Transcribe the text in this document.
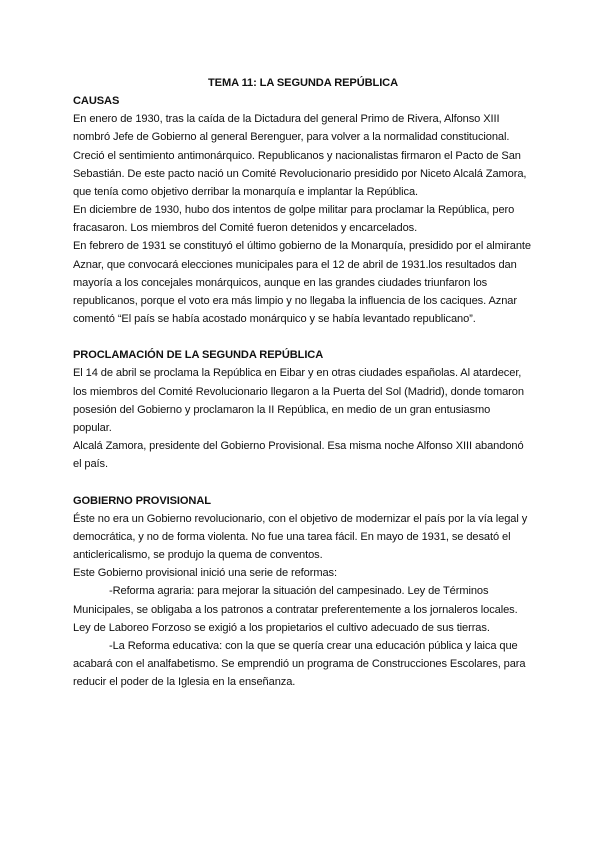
TEMA 11: LA SEGUNDA REPÚBLICA

CAUSAS

En enero de 1930, tras la caída de la Dictadura del general Primo de Rivera, Alfonso XIII nombró Jefe de Gobierno al general Berenguer, para volver a la normalidad constitucional. Creció el sentimiento antimonárquico. Republicanos y nacionalistas firmaron el Pacto de San Sebastián. De este pacto nació un Comité Revolucionario presidido por Niceto Alcalá Zamora, que tenía como objetivo derribar la monarquía e implantar la República.

En diciembre de 1930, hubo dos intentos de golpe militar para proclamar la República, pero fracasaron. Los miembros del Comité fueron detenidos y encarcelados.

En febrero de 1931 se constituyó el último gobierno de la Monarquía, presidido por el almirante Aznar, que convocará elecciones municipales para el 12 de abril de 1931.los resultados dan mayoría a los concejales monárquicos, aunque en las grandes ciudades triunfaron los republicanos, porque el voto era más limpio y no llegaba la influencia de los caciques. Aznar comentó “El país se había acostado monárquico y se había levantado republicano”.

PROCLAMACIÓN DE LA SEGUNDA REPÚBLICA

El 14 de abril se proclama la República en Eibar y en otras ciudades españolas. Al atardecer, los miembros del Comité Revolucionario llegaron a la Puerta del Sol (Madrid), donde tomaron posesión del Gobierno y proclamaron la II República, en medio de un gran entusiasmo popular.

Alcalá Zamora, presidente del Gobierno Provisional. Esa misma noche Alfonso XIII abandonó el país.

GOBIERNO PROVISIONAL

Éste no era un Gobierno revolucionario, con el objetivo de modernizar el país por la vía legal y democrática, y no de forma violenta. No fue una tarea fácil. En mayo de 1931, se desató el anticlericalismo, se produjo la quema de conventos.

Este Gobierno provisional inició una serie de reformas:

-Reforma agraria: para mejorar la situación del campesinado. Ley de Términos Municipales, se obligaba a los patronos a contratar preferentemente a los jornaleros locales. Ley de Laboreo Forzoso se exigió a los propietarios el cultivo adecuado de sus tierras.

-La Reforma educativa: con la que se quería crear una educación pública y laica que acabará con el analfabetismo. Se emprendió un programa de Construcciones Escolares, para reducir el poder de la Iglesia en la enseñanza.
